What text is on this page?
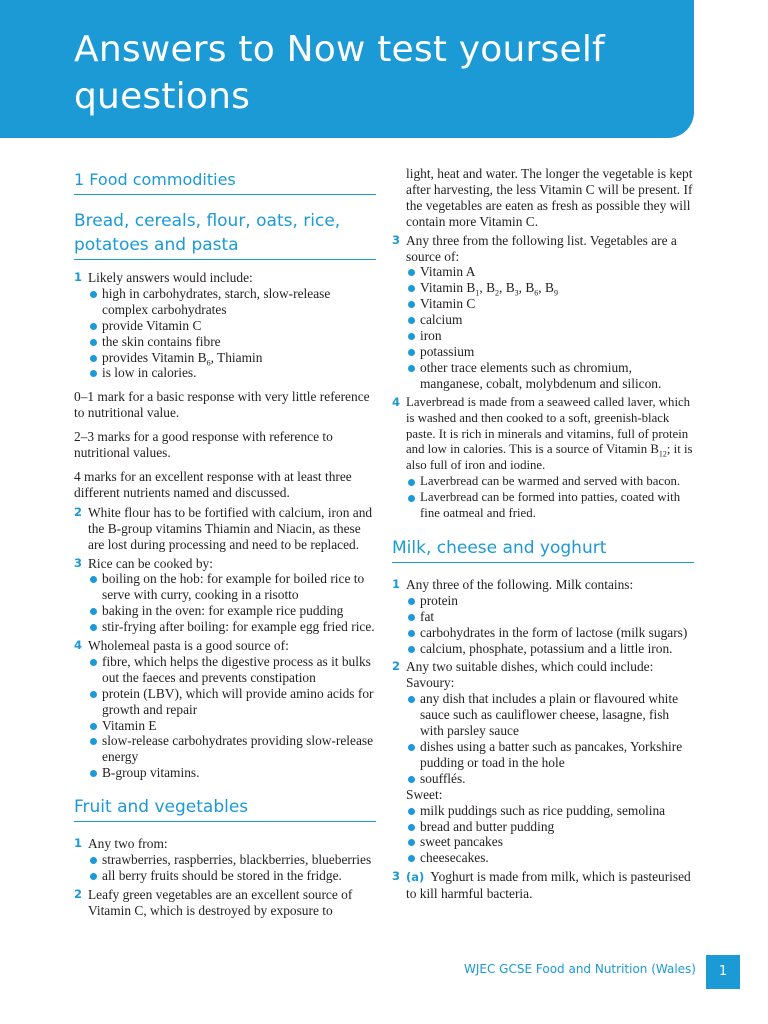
Answers to Now test yourself questions
1 Food commodities
Bread, cereals, flour, oats, rice, potatoes and pasta
1 Likely answers would include:
high in carbohydrates, starch, slow-release complex carbohydrates
provide Vitamin C
the skin contains fibre
provides Vitamin $B_6$, Thiamin
is low in calories.
0–1 mark for a basic response with very little reference to nutritional value.
2–3 marks for a good response with reference to nutritional values.
4 marks for an excellent response with at least three different nutrients named and discussed.
2 White flour has to be fortified with calcium, iron and the B-group vitamins Thiamin and Niacin, as these are lost during processing and need to be replaced.
3 Rice can be cooked by:
boiling on the hob: for example for boiled rice to serve with curry, cooking in a risotto
baking in the oven: for example rice pudding
stir-frying after boiling: for example egg fried rice.
4 Wholemeal pasta is a good source of:
fibre, which helps the digestive process as it bulks out the faeces and prevents constipation
protein (LBV), which will provide amino acids for growth and repair
Vitamin E
slow-release carbohydrates providing slow-release energy
B-group vitamins.
Fruit and vegetables
1 Any two from:
strawberries, raspberries, blackberries, blueberries
all berry fruits should be stored in the fridge.
2 Leafy green vegetables are an excellent source of Vitamin C, which is destroyed by exposure to
light, heat and water. The longer the vegetable is kept after harvesting, the less Vitamin C will be present. If the vegetables are eaten as fresh as possible they will contain more Vitamin C.
3 Any three from the following list. Vegetables are a source of:
Vitamin A
Vitamin $B_1$, $B_2$, $B_3$, $B_6$, $B_9$
Vitamin C
calcium
iron
potassium
other trace elements such as chromium, manganese, cobalt, molybdenum and silicon.
4 Laverbread is made from a seaweed called laver, which is washed and then cooked to a soft, greenish-black paste. It is rich in minerals and vitamins, full of protein and low in calories. This is a source of Vitamin $B_{12}$; it is also full of iron and iodine.
Laverbread can be warmed and served with bacon.
Laverbread can be formed into patties, coated with fine oatmeal and fried.
Milk, cheese and yoghurt
1 Any three of the following. Milk contains:
protein
fat
carbohydrates in the form of lactose (milk sugars)
calcium, phosphate, potassium and a little iron.
2 Any two suitable dishes, which could include:
Savoury:
any dish that includes a plain or flavoured white sauce such as cauliflower cheese, lasagne, fish with parsley sauce
dishes using a batter such as pancakes, Yorkshire pudding or toad in the hole
soufflés.
Sweet:
milk puddings such as rice pudding, semolina
bread and butter pudding
sweet pancakes
cheesecakes.
3 (a) Yoghurt is made from milk, which is pasteurised to kill harmful bacteria.
WJEC GCSE Food and Nutrition (Wales)	1
